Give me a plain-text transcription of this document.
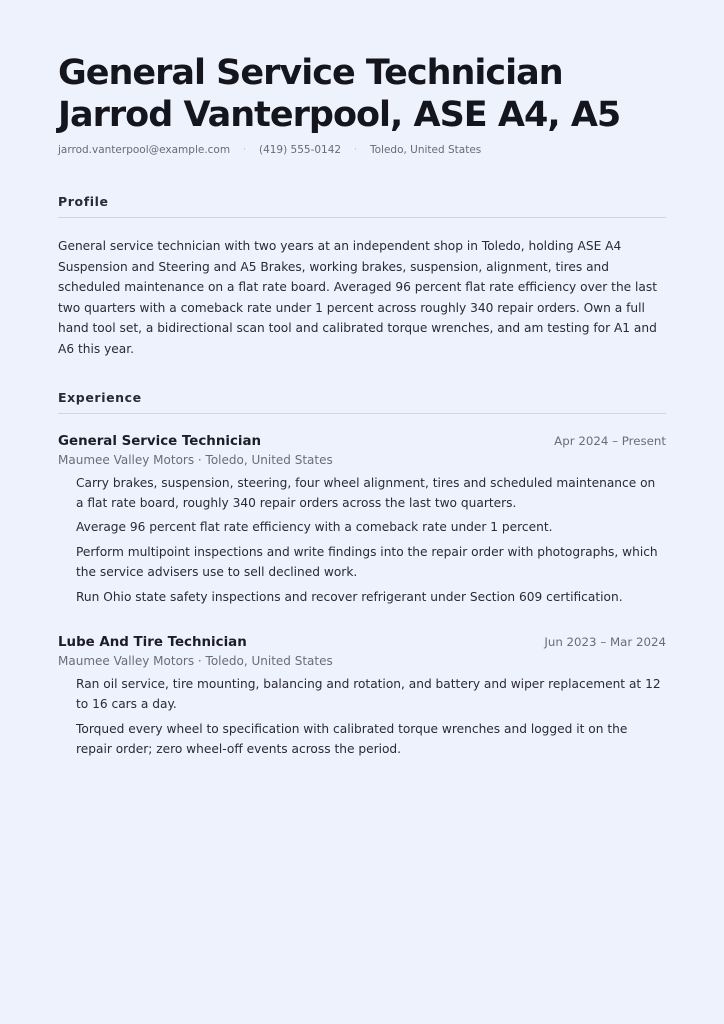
General Service Technician
Jarrod Vanterpool, ASE A4, A5
jarrod.vanterpool@example.com · (419) 555-0142 · Toledo, United States
Profile
General service technician with two years at an independent shop in Toledo, holding ASE A4 Suspension and Steering and A5 Brakes, working brakes, suspension, alignment, tires and scheduled maintenance on a flat rate board. Averaged 96 percent flat rate efficiency over the last two quarters with a comeback rate under 1 percent across roughly 340 repair orders. Own a full hand tool set, a bidirectional scan tool and calibrated torque wrenches, and am testing for A1 and A6 this year.
Experience
General Service Technician	Apr 2024 – Present
Maumee Valley Motors · Toledo, United States
Carry brakes, suspension, steering, four wheel alignment, tires and scheduled maintenance on a flat rate board, roughly 340 repair orders across the last two quarters.
Average 96 percent flat rate efficiency with a comeback rate under 1 percent.
Perform multipoint inspections and write findings into the repair order with photographs, which the service advisers use to sell declined work.
Run Ohio state safety inspections and recover refrigerant under Section 609 certification.
Lube And Tire Technician	Jun 2023 – Mar 2024
Maumee Valley Motors · Toledo, United States
Ran oil service, tire mounting, balancing and rotation, and battery and wiper replacement at 12 to 16 cars a day.
Torqued every wheel to specification with calibrated torque wrenches and logged it on the repair order; zero wheel-off events across the period.
